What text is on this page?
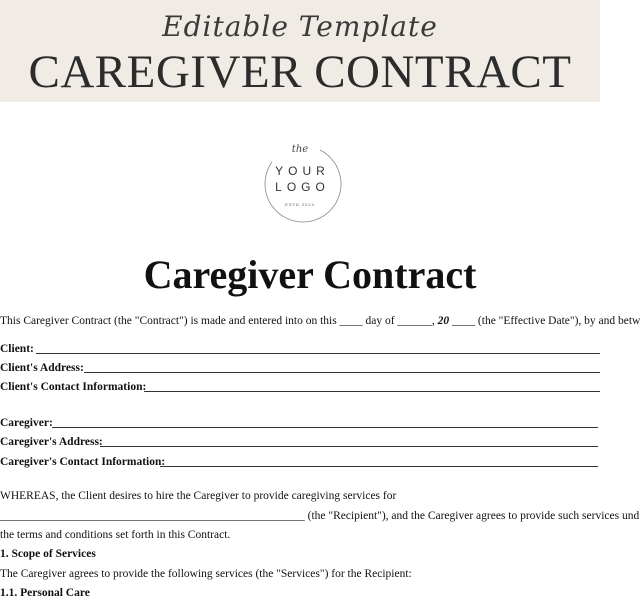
Editable Template
CAREGIVER CONTRACT
the
YOUR
LOGO
ESTD 2024
Caregiver Contract
This Caregiver Contract (the "Contract") is made and entered into on this ____ day of ______, 20 ____ (the "Effective Date"), by and betw
Client:
Client's Address:
Client's Contact Information:
Caregiver:
Caregiver's Address:
Caregiver's Contact Information:
WHEREAS, the Client desires to hire the Caregiver to provide caregiving services for
_____________________________________________________ (the "Recipient"), and the Caregiver agrees to provide such services und
the terms and conditions set forth in this Contract.
1. Scope of Services
The Caregiver agrees to provide the following services (the "Services") for the Recipient:
1.1. Personal Care
